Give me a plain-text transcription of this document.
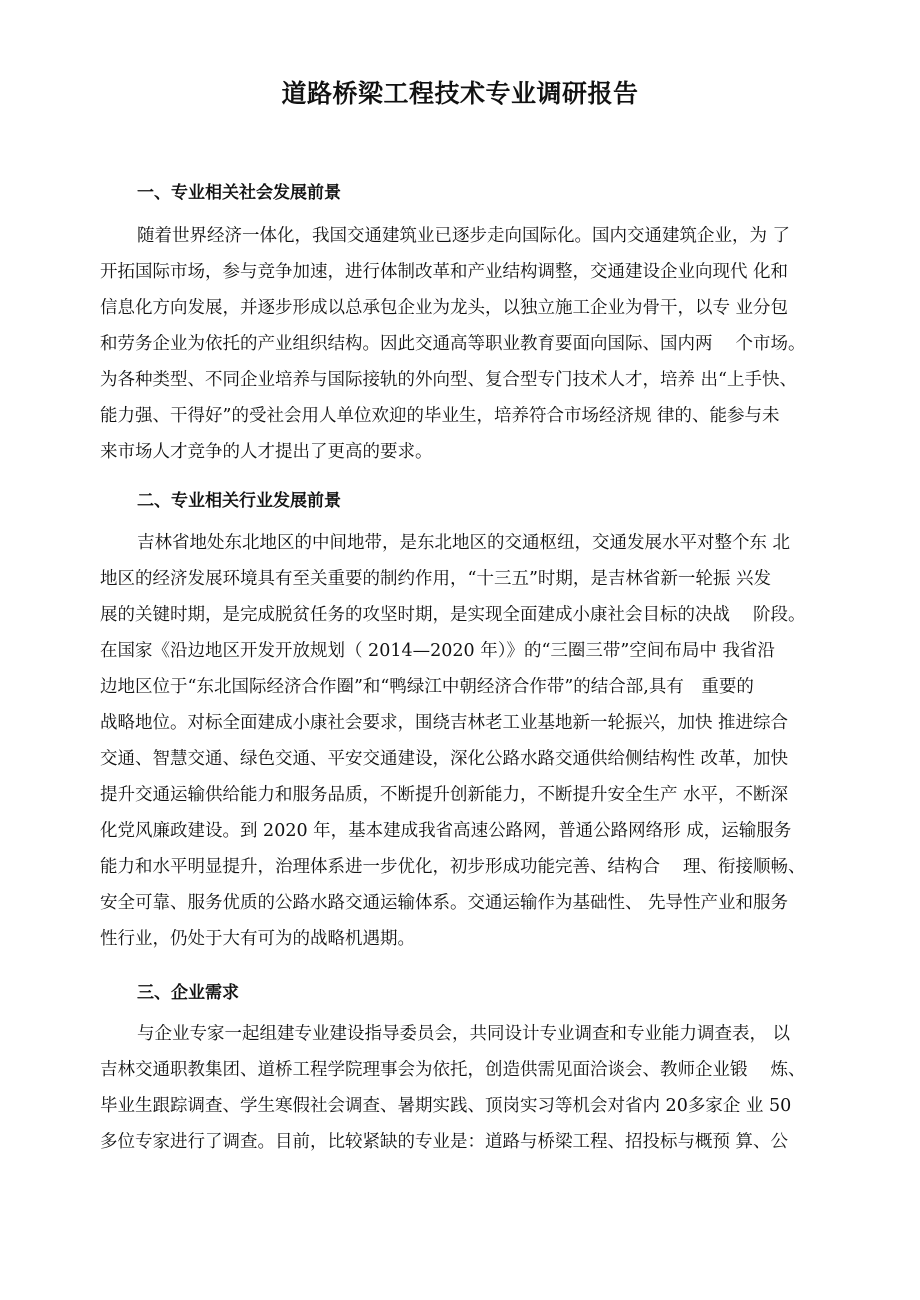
道路桥梁工程技术专业调研报告
一、专业相关社会发展前景
随着世界经济一体化，我国交通建筑业已逐步走向国际化。国内交通建筑企业，为 了
开拓国际市场，参与竞争加速，进行体制改革和产业结构调整，交通建设企业向现代 化和
信息化方向发展，并逐步形成以总承包企业为龙头，以独立施工企业为骨干，以专 业分包
和劳务企业为依托的产业组织结构。因此交通高等职业教育要面向国际、国内两　 个市场。
为各种类型、不同企业培养与国际接轨的外向型、复合型专门技术人才，培养 出“上手快、
能力强、干得好”的受社会用人单位欢迎的毕业生，培养符合市场经济规 律的、能参与未
来市场人才竞争的人才提出了更高的要求。
二、专业相关行业发展前景
吉林省地处东北地区的中间地带，是东北地区的交通枢纽，交通发展水平对整个东 北
地区的经济发展环境具有至关重要的制约作用，“十三五”时期，是吉林省新一轮振 兴发
展的关键时期，是完成脱贫任务的攻坚时期，是实现全面建成小康社会目标的决战　 阶段。
在国家《沿边地区开发开放规划（ 2014—2020 年）》的“三圈三带”空间布局中 我省沿
边地区位于“东北国际经济合作圈”和“鸭绿江中朝经济合作带”的结合部,具有　重要的
战略地位。对标全面建成小康社会要求，围绕吉林老工业基地新一轮振兴，加快 推进综合
交通、智慧交通、绿色交通、平安交通建设，深化公路水路交通供给侧结构性 改革，加快
提升交通运输供给能力和服务品质，不断提升创新能力，不断提升安全生产 水平，不断深
化党风廉政建设。到 2020 年，基本建成我省高速公路网，普通公路网络形 成，运输服务
能力和水平明显提升，治理体系进一步优化，初步形成功能完善、结构合　 理、衔接顺畅、
安全可靠、服务优质的公路水路交通运输体系。交通运输作为基础性、 先导性产业和服务
性行业，仍处于大有可为的战略机遇期。
三、企业需求
与企业专家一起组建专业建设指导委员会，共同设计专业调查和专业能力调查表， 以
吉林交通职教集团、道桥工程学院理事会为依托，创造供需见面洽谈会、教师企业锻　 炼、
毕业生跟踪调查、学生寒假社会调查、暑期实践、顶岗实习等机会对省内 20多家企 业 50
多位专家进行了调查。目前，比较紧缺的专业是：道路与桥梁工程、招投标与概预 算、公
